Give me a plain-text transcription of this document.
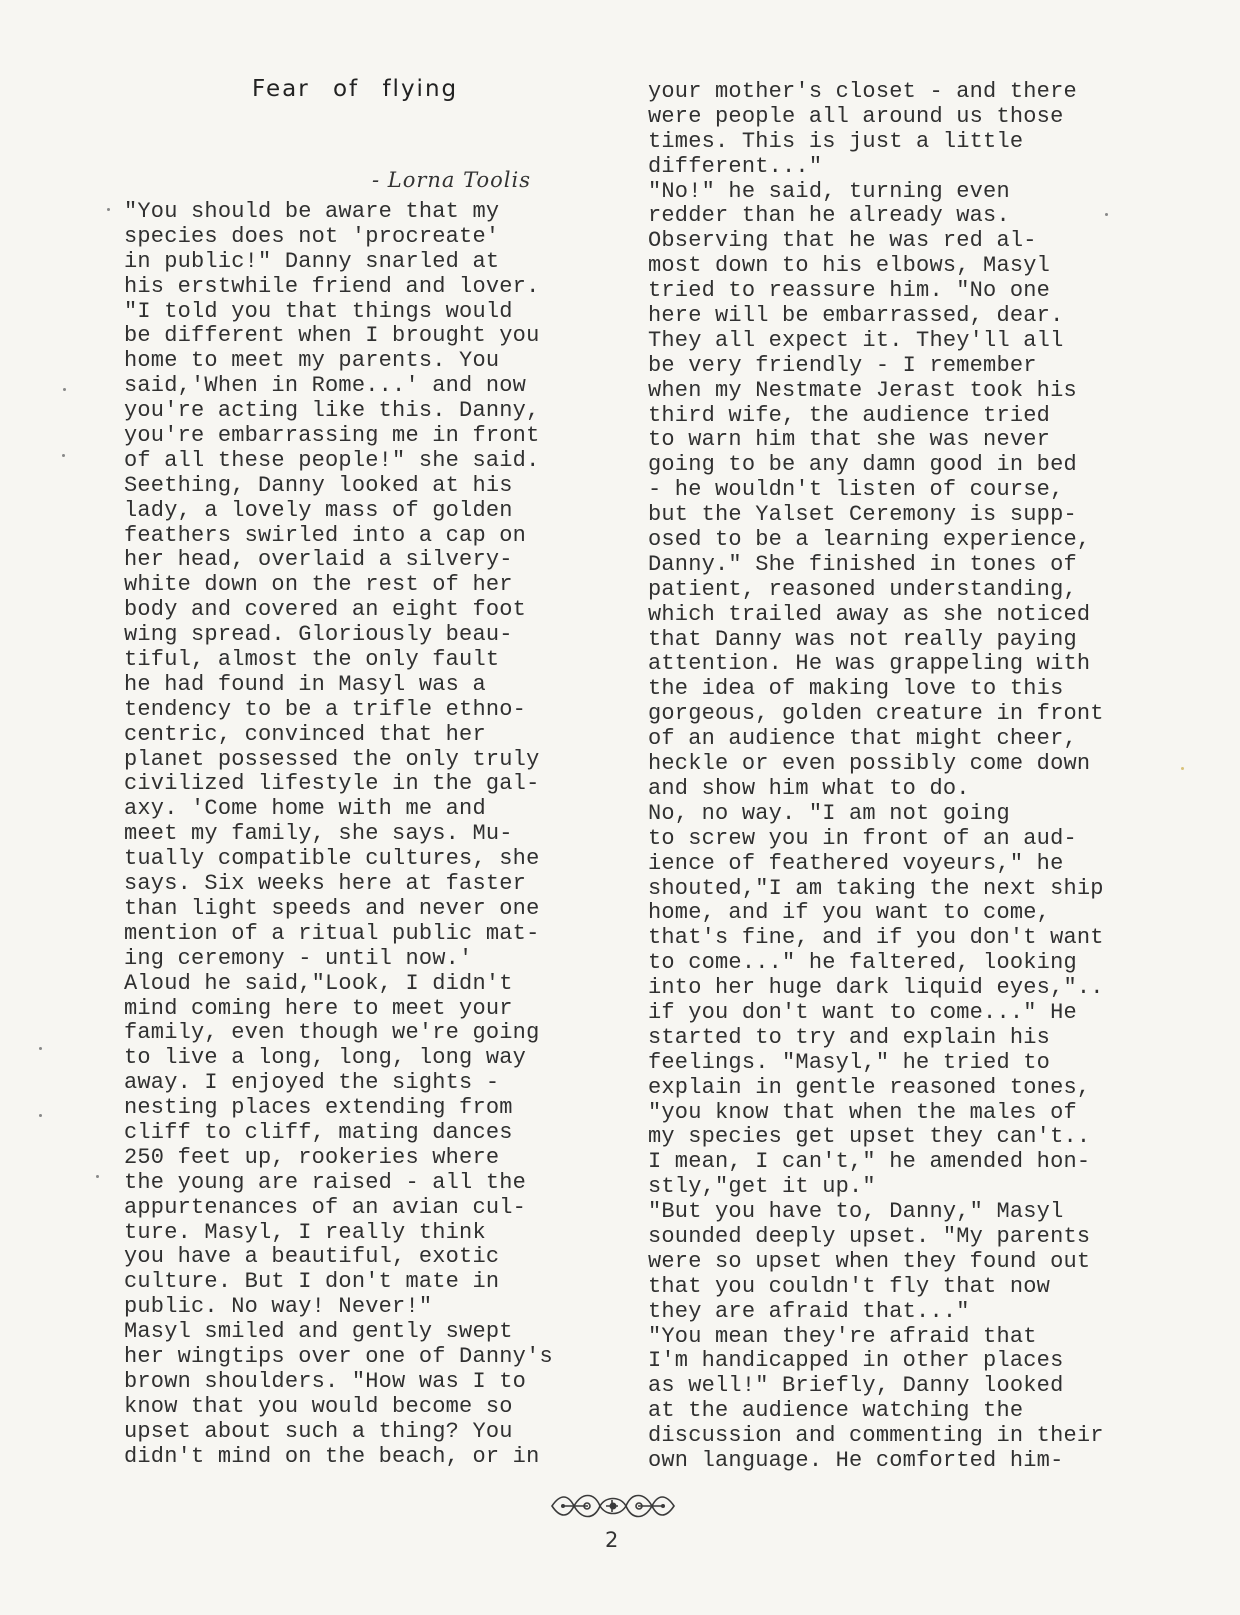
Fear of flying
- Lorna Toolis
"You should be aware that my
species does not 'procreate'
in public!" Danny snarled at
his erstwhile friend and lover.
"I told you that things would
be different when I brought you
home to meet my parents. You
said,'When in Rome...' and now
you're acting like this. Danny,
you're embarrassing me in front
of all these people!" she said.
Seething, Danny looked at his
lady, a lovely mass of golden
feathers swirled into a cap on
her head, overlaid a silvery-
white down on the rest of her
body and covered an eight foot
wing spread. Gloriously beau-
tiful, almost the only fault
he had found in Masyl was a
tendency to be a trifle ethno-
centric, convinced that her
planet possessed the only truly
civilized lifestyle in the gal-
axy. 'Come home with me and
meet my family, she says. Mu-
tually compatible cultures, she
says. Six weeks here at faster
than light speeds and never one
mention of a ritual public mat-
ing ceremony - until now.'
Aloud he said,"Look, I didn't
mind coming here to meet your
family, even though we're going
to live a long, long, long way
away. I enjoyed the sights -
nesting places extending from
cliff to cliff, mating dances
250 feet up, rookeries where
the young are raised - all the
appurtenances of an avian cul-
ture. Masyl, I really think
you have a beautiful, exotic
culture. But I don't mate in
public. No way! Never!"
Masyl smiled and gently swept
her wingtips over one of Danny's
brown shoulders. "How was I to
know that you would become so
upset about such a thing? You
didn't mind on the beach, or in
your mother's closet - and there
were people all around us those
times. This is just a little
different..."
"No!" he said, turning even
redder than he already was.
Observing that he was red al-
most down to his elbows, Masyl
tried to reassure him. "No one
here will be embarrassed, dear.
They all expect it. They'll all
be very friendly - I remember
when my Nestmate Jerast took his
third wife, the audience tried
to warn him that she was never
going to be any damn good in bed
- he wouldn't listen of course,
but the Yalset Ceremony is supp-
osed to be a learning experience,
Danny." She finished in tones of
patient, reasoned understanding,
which trailed away as she noticed
that Danny was not really paying
attention. He was grappeling with
the idea of making love to this
gorgeous, golden creature in front
of an audience that might cheer,
heckle or even possibly come down
and show him what to do.
No, no way. "I am not going
to screw you in front of an aud-
ience of feathered voyeurs," he
shouted,"I am taking the next ship
home, and if you want to come,
that's fine, and if you don't want
to come..." he faltered, looking
into her huge dark liquid eyes,"..
if you don't want to come..." He
started to try and explain his
feelings. "Masyl," he tried to
explain in gentle reasoned tones,
"you know that when the males of
my species get upset they can't..
I mean, I can't," he amended hon-
stly,"get it up."
"But you have to, Danny," Masyl
sounded deeply upset. "My parents
were so upset when they found out
that you couldn't fly that now
they are afraid that..."
"You mean they're afraid that
I'm handicapped in other places
as well!" Briefly, Danny looked
at the audience watching the
discussion and commenting in their
own language. He comforted him-
2
